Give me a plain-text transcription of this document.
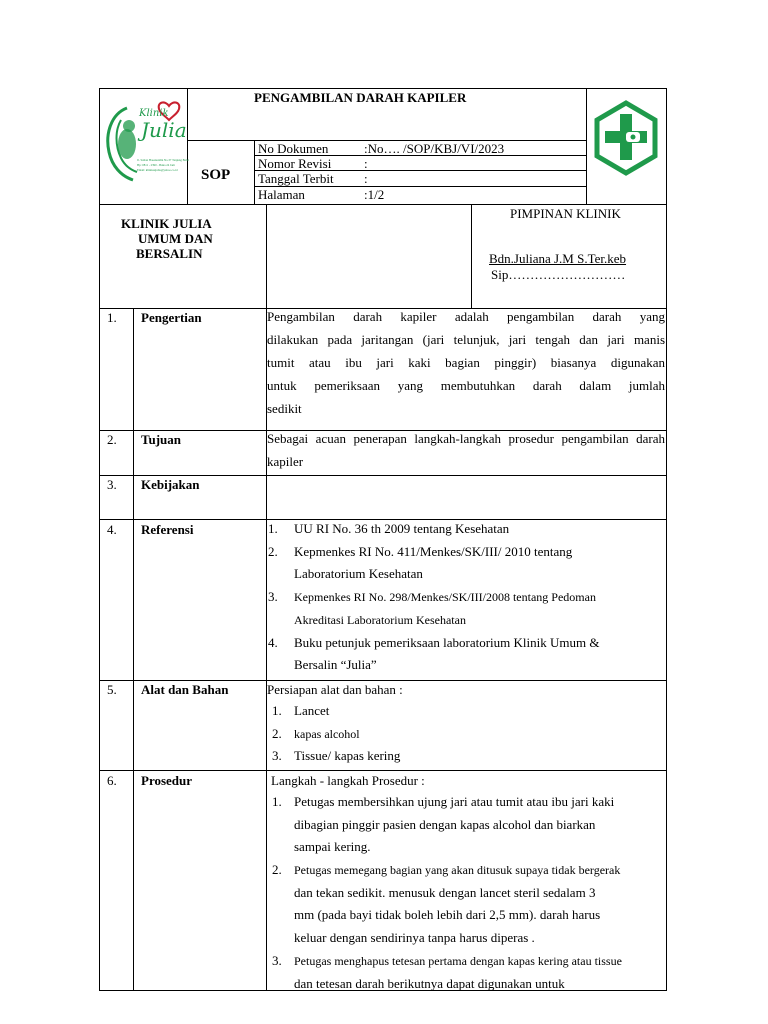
Klinik
Julia
Jl. Sultan Hasanuddin No.37 Tanjung Balai
Hp: 0811 - 2390 - Buka 24 Jam
Email: kliniksujulia@yahoo.co.id
PENGAMBILAN DARAH KAPILER
SOP
No Dokumen	:No…. /SOP/KBJ/VI/2023
Nomor Revisi	:
Tanggal Terbit :
Halaman	:1/2
KLINIK JULIA
UMUM DAN
BERSALIN
PIMPINAN KLINIK
Bdn.Juliana J.M S.Ter.keb
Sip………………………
1. Pengertian	Pengambilan darah kapiler adalah pengambilan darah yang
dilakukan pada jaritangan (jari telunjuk, jari tengah dan jari manis
tumit atau ibu jari kaki bagian pinggir) biasanya digunakan
untuk pemeriksaan yang membutuhkan darah dalam jumlah
sedikit
2. Tujuan	Sebagai acuan penerapan langkah-langkah prosedur pengambilan darah
kapiler
3. Kebijakan
4. Referensi	1. UU RI No. 36 th 2009 tentang Kesehatan
2. Kepmenkes RI No. 411/Menkes/SK/III/ 2010 tentang
Laboratorium Kesehatan
3. Kepmenkes RI No. 298/Menkes/SK/III/2008 tentang Pedoman
Akreditasi Laboratorium Kesehatan
4. Buku petunjuk pemeriksaan laboratorium Klinik Umum &
Bersalin “Julia”
5. Alat dan Bahan	Persiapan alat dan bahan :
1. Lancet
2. kapas alcohol
3. Tissue/ kapas kering
6. Prosedur	Langkah - langkah Prosedur :
1. Petugas membersihkan ujung jari atau tumit atau ibu jari kaki
dibagian pinggir pasien dengan kapas alcohol dan biarkan
sampai kering.
2. Petugas memegang bagian yang akan ditusuk supaya tidak bergerak
dan tekan sedikit. menusuk dengan lancet steril sedalam 3
mm (pada bayi tidak boleh lebih dari 2,5 mm). darah harus
keluar dengan sendirinya tanpa harus diperas .
3. Petugas menghapus tetesan pertama dengan kapas kering atau tissue
dan tetesan darah berikutnya dapat digunakan untuk
